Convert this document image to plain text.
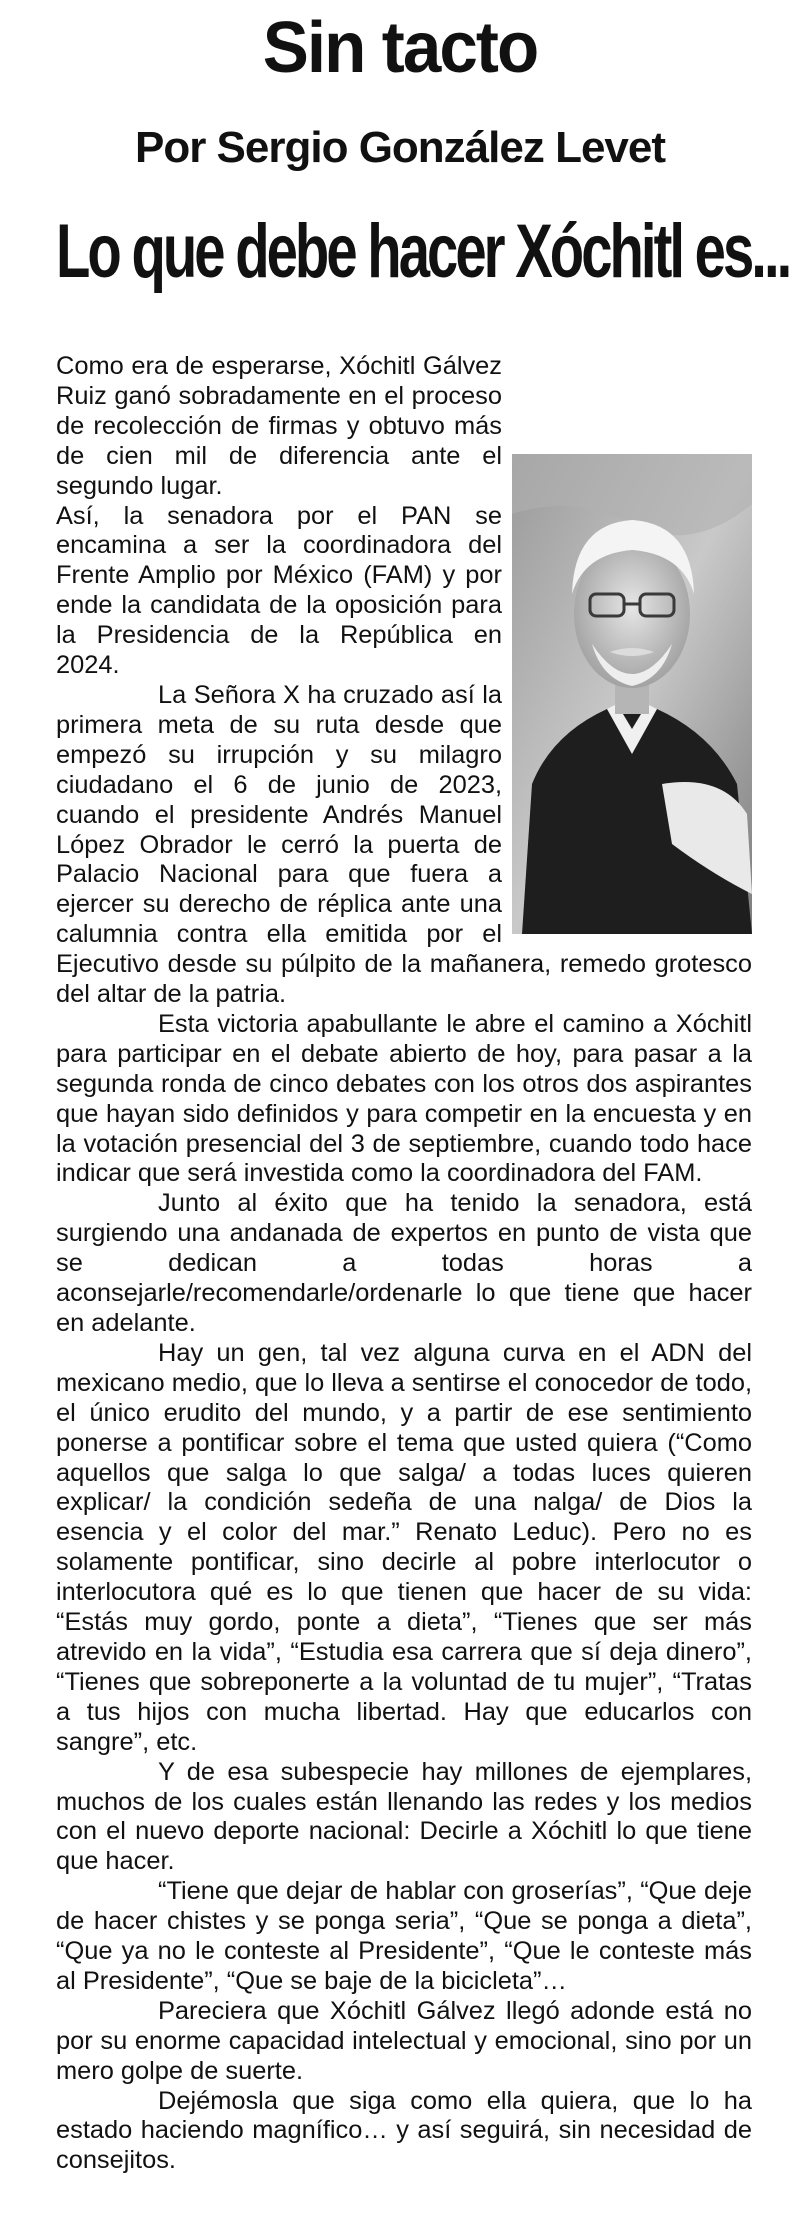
Sin tacto
Por Sergio González Levet
Lo que debe hacer Xóchitl es...

Como era de esperarse, Xóchitl Gálvez Ruiz ganó sobradamente en el proceso de recolección de firmas y obtuvo más de cien mil de diferencia ante el segundo lugar.

Así, la senadora por el PAN se encamina a ser la coordinadora del Frente Amplio por México (FAM) y por ende la candidata de la oposición para la Presidencia de la República en 2024.

La Señora X ha cruzado así la primera meta de su ruta desde que empezó su irrupción y su milagro ciudadano el 6 de junio de 2023, cuando el presidente Andrés Manuel López Obrador le cerró la puerta de Palacio Nacional para que fuera a ejercer su derecho de réplica ante una calumnia contra ella emitida por el Ejecutivo desde su púlpito de la mañanera, remedo grotesco del altar de la patria.

Esta victoria apabullante le abre el camino a Xóchitl para participar en el debate abierto de hoy, para pasar a la segunda ronda de cinco debates con los otros dos aspirantes que hayan sido definidos y para competir en la encuesta y en la votación presencial del 3 de septiembre, cuando todo hace indicar que será investida como la coordinadora del FAM.

Junto al éxito que ha tenido la senadora, está surgiendo una andanada de expertos en punto de vista que se dedican a todas horas a aconsejarle/recomendarle/ordenarle lo que tiene que hacer en adelante.

Hay un gen, tal vez alguna curva en el ADN del mexicano medio, que lo lleva a sentirse el conocedor de todo, el único erudito del mundo, y a partir de ese sentimiento ponerse a pontificar sobre el tema que usted quiera (“Como aquellos que salga lo que salga/ a todas luces quieren explicar/ la condición sedeña de una nalga/ de Dios la esencia y el color del mar.” Renato Leduc). Pero no es solamente pontificar, sino decirle al pobre interlocutor o interlocutora qué es lo que tienen que hacer de su vida: “Estás muy gordo, ponte a dieta”, “Tienes que ser más atrevido en la vida”, “Estudia esa carrera que sí deja dinero”, “Tienes que sobreponerte a la voluntad de tu mujer”, “Tratas a tus hijos con mucha libertad. Hay que educarlos con sangre”, etc.

Y de esa subespecie hay millones de ejemplares, muchos de los cuales están llenando las redes y los medios con el nuevo deporte nacional: Decirle a Xóchitl lo que tiene que hacer.

“Tiene que dejar de hablar con groserías”, “Que deje de hacer chistes y se ponga seria”, “Que se ponga a dieta”, “Que ya no le conteste al Presidente”, “Que le conteste más al Presidente”, “Que se baje de la bicicleta”…

Pareciera que Xóchitl Gálvez llegó adonde está no por su enorme capacidad intelectual y emocional, sino por un mero golpe de suerte.

Dejémosla que siga como ella quiera, que lo ha estado haciendo magnífico… y así seguirá, sin necesidad de consejitos.
